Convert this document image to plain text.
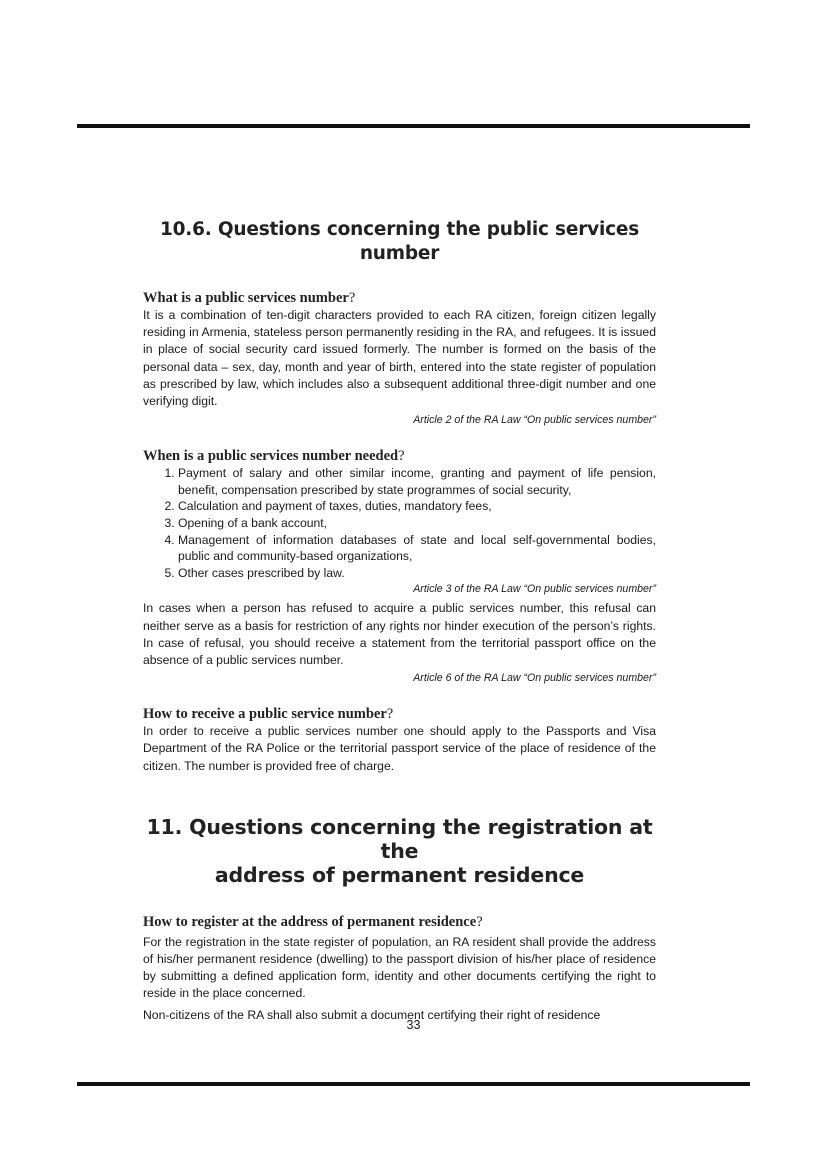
10.6. Questions concerning the public services number
What is a public services number?

It is a combination of ten-digit characters provided to each RA citizen, foreign citizen legally residing in Armenia, stateless person permanently residing in the RA, and refugees. It is issued in place of social security card issued formerly. The number is formed on the basis of the personal data – sex, day, month and year of birth, entered into the state register of population as prescribed by law, which includes also a subsequent additional three-digit number and one verifying digit.

Article 2 of the RA Law “On public services number”

When is a public services number needed?
1. Payment of salary and other similar income, granting and payment of life pension, benefit, compensation prescribed by state programmes of social security,
2. Calculation and payment of taxes, duties, mandatory fees,
3. Opening of a bank account,
4. Management of information databases of state and local self-governmental bodies, public and community-based organizations,
5. Other cases prescribed by law.

Article 3 of the RA Law “On public services number”

In cases when a person has refused to acquire a public services number, this refusal can neither serve as a basis for restriction of any rights nor hinder execution of the person’s rights. In case of refusal, you should receive a statement from the territorial passport office on the absence of a public services number.

Article 6 of the RA Law “On public services number”

How to receive a public service number?

In order to receive a public services number one should apply to the Passports and Visa Department of the RA Police or the territorial passport service of the place of residence of the citizen. The number is provided free of charge.

11. Questions concerning the registration at the
address of permanent residence
How to register at the address of permanent residence?

For the registration in the state register of population, an RA resident shall provide the address of his/her permanent residence (dwelling) to the passport division of his/her place of residence by submitting a defined application form, identity and other documents certifying the right to reside in the place concerned.

Non-citizens of the RA shall also submit a document certifying their right of residence

33
